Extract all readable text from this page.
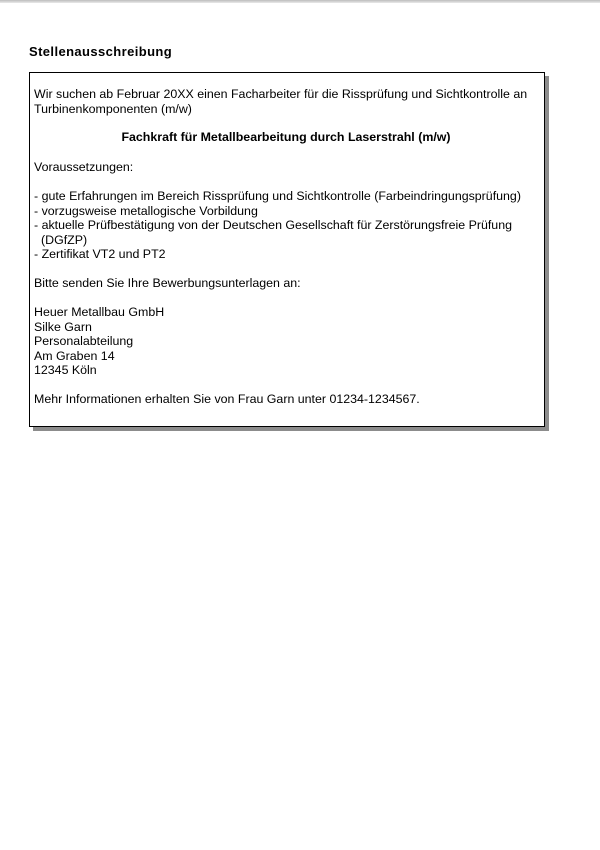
Stellenausschreibung

Wir suchen ab Februar 20XX einen Facharbeiter für die Rissprüfung und Sichtkontrolle an Turbinenkomponenten (m/w)

Fachkraft für Metallbearbeitung durch Laserstrahl (m/w)

Voraussetzungen:

- gute Erfahrungen im Bereich Rissprüfung und Sichtkontrolle (Farbeindringungsprüfung)
- vorzugsweise metallogische Vorbildung
- aktuelle Prüfbestätigung von der Deutschen Gesellschaft für Zerstörungsfreie Prüfung
(DGfZP)
- Zertifikat VT2 und PT2

Bitte senden Sie Ihre Bewerbungsunterlagen an:

Heuer Metallbau GmbH
Silke Garn
Personalabteilung
Am Graben 14
12345 Köln

Mehr Informationen erhalten Sie von Frau Garn unter 01234-1234567.
